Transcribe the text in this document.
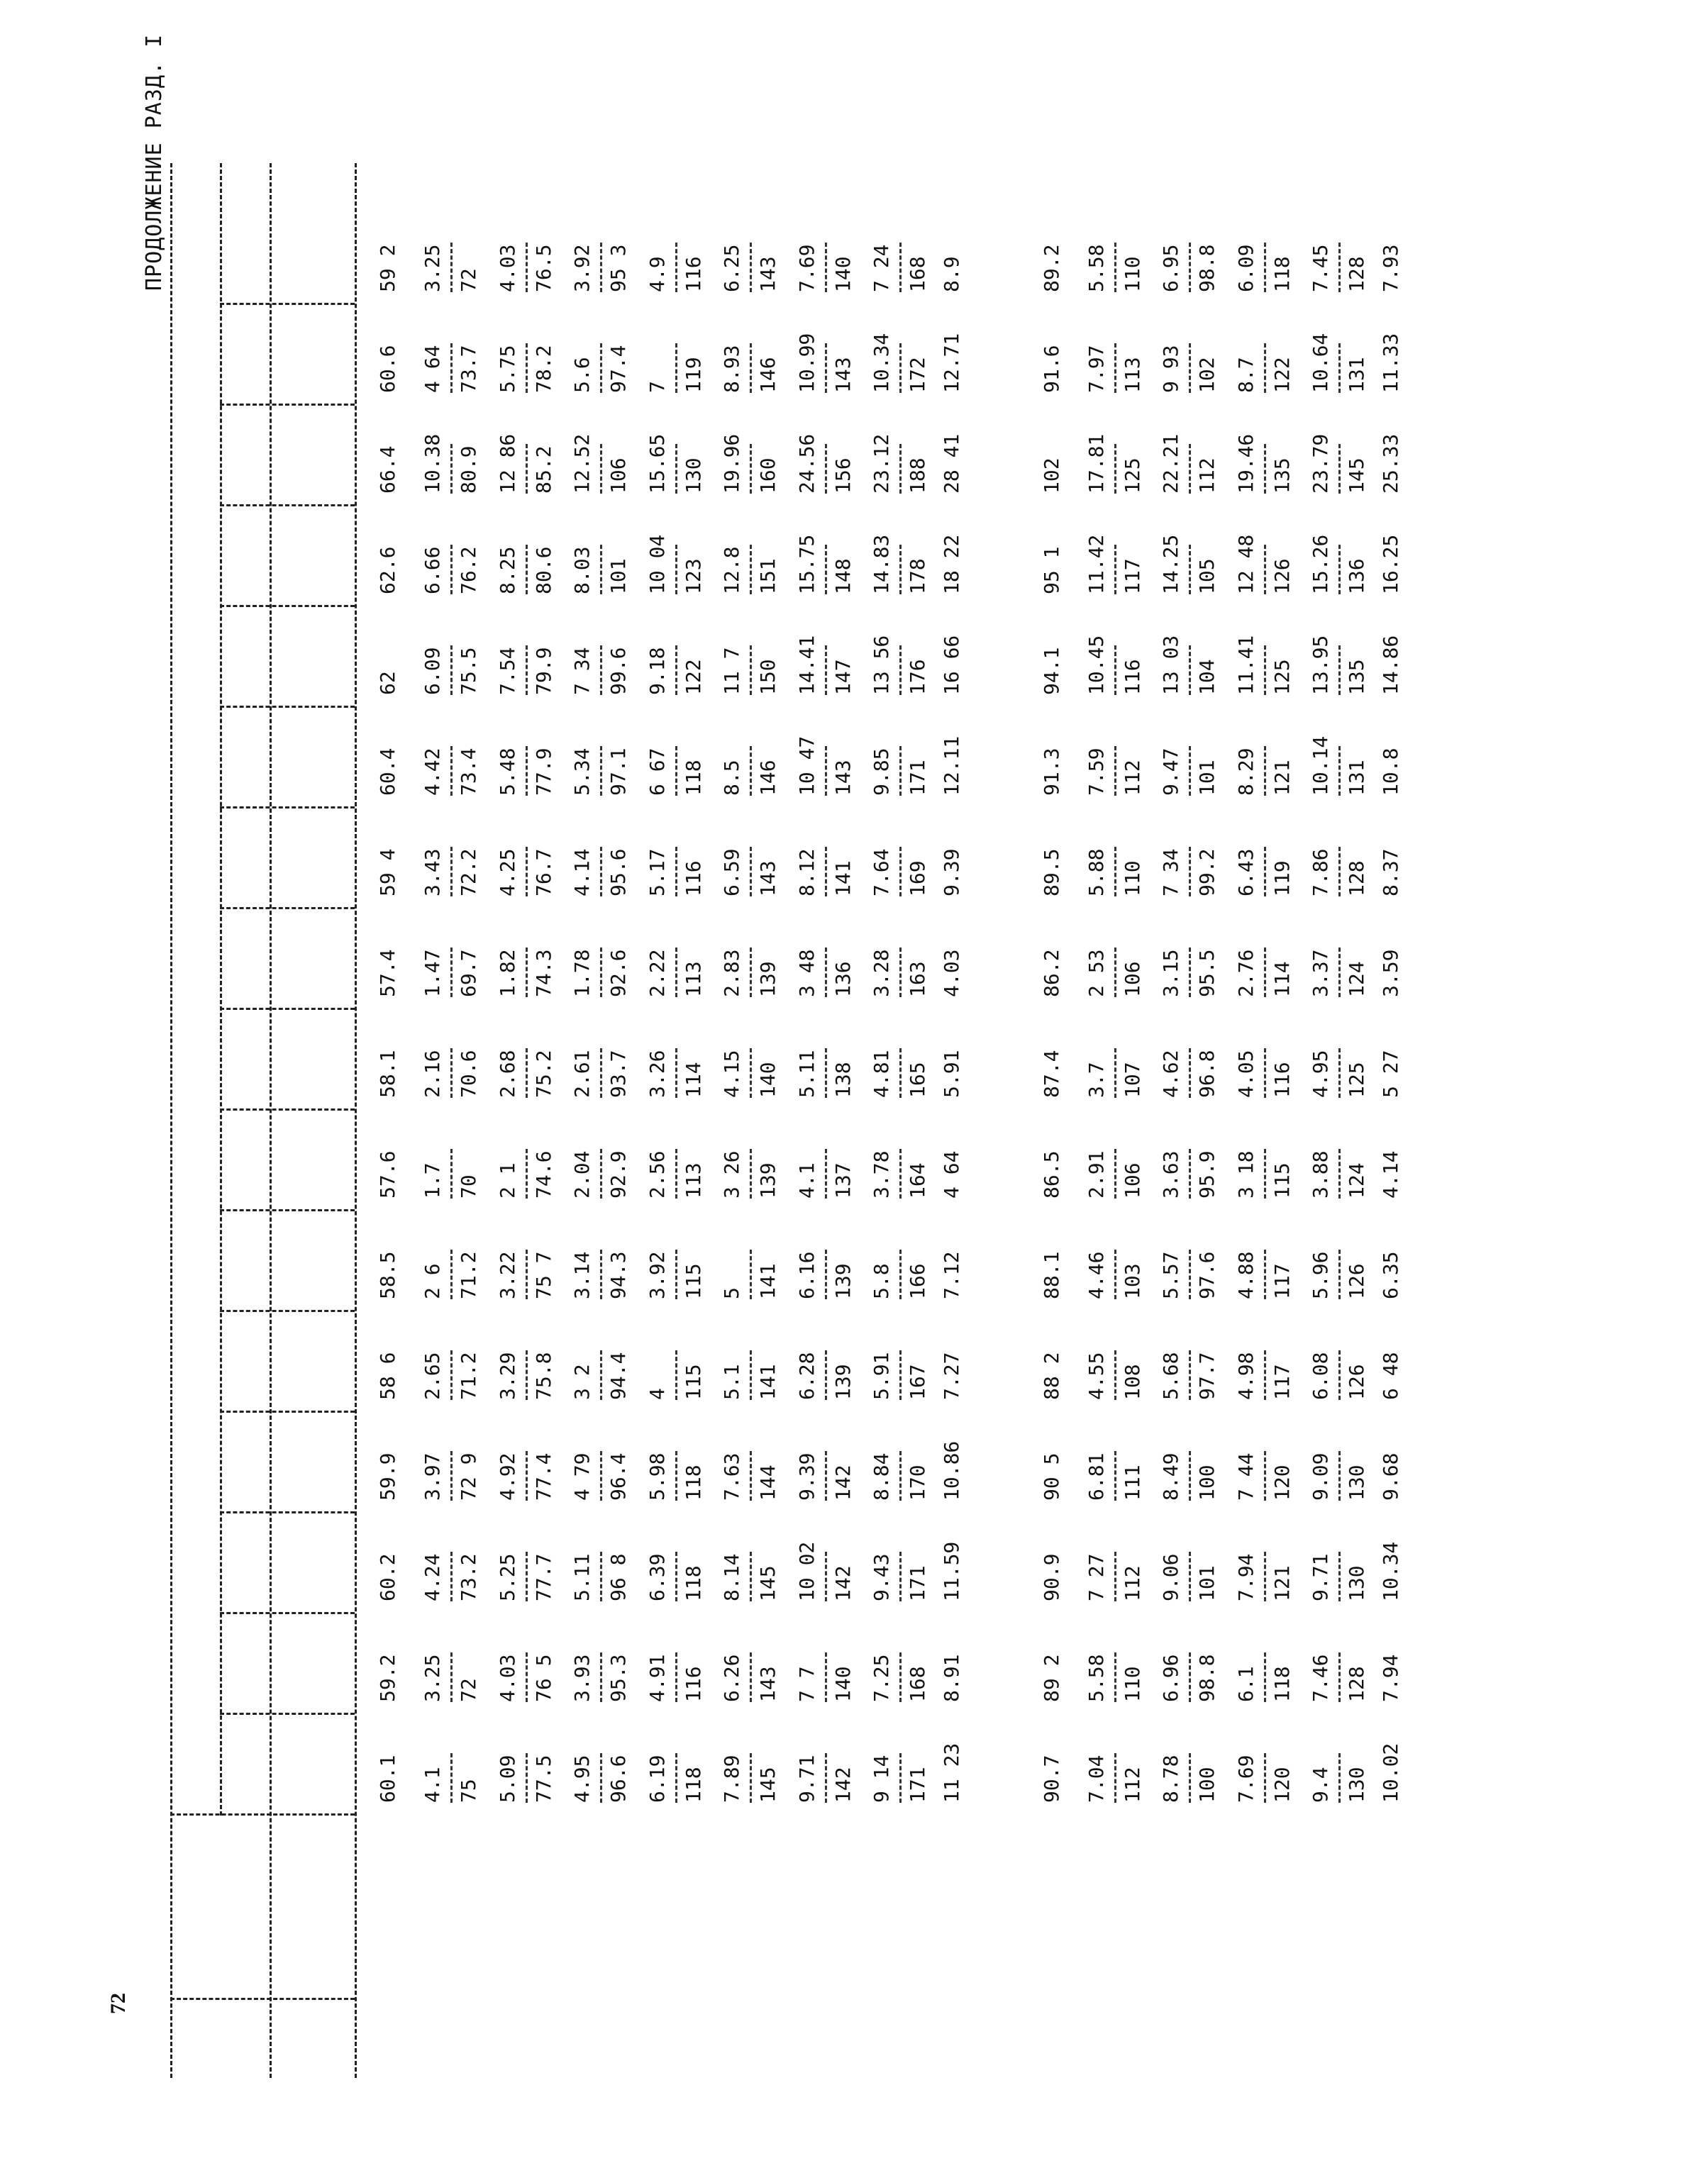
72
ПРОДОЛЖЕНИЕ РАЗД. I
60.1
59.2
60.2
59.9
58 6
58.5
57.6
58.1
57.4
59 4
60.4
62
62.6
66.4
60.6
59 2
4.1 75
3.25 72
4.24 73.2
3.97 72 9
2.65 71.2
2 6 71.2
1.7 70
2.16 70.6
1.47 69.7
3.43 72.2
4.42 73.4
6.09 75.5
6.66 76.2
10.38 80.9
4 64 73.7
3.25 72
5.09 77.5
4.03 76 5
5.25 77.7
4.92 77.4
3.29 75.8
3.22 75 7
2 1 74.6
2.68 75.2
1.82 74.3
4.25 76.7
5.48 77.9
7.54 79.9
8.25 80.6
12 86 85.2
5.75 78.2
4.03 76.5
4.95 96.6
3.93 95.3
5.11 96 8
4 79 96.4
3 2 94.4
3.14 94.3
2.04 92.9
2.61 93.7
1.78 92.6
4.14 95.6
5.34 97.1
7 34 99.6
8.03 101
12.52 106
5.6 97.4
3.92 95 3
6.19 118
4.91 116
6.39 118
5.98 118
4 115
3.92 115
2.56 113
3.26 114
2.22 113
5.17 116
6 67 118
9.18 122
10 04 123
15.65 130
7 119
4.9 116
7.89 145
6.26 143
8.14 145
7.63 144
5.1 141
5 141
3 26 139
4.15 140
2.83 139
6.59 143
8.5 146
11 7 150
12.8 151
19.96 160
8.93 146
6.25 143
9.71 142
7 7 140
10 02 142
9.39 142
6.28 139
6.16 139
4.1 137
5.11 138
3 48 136
8.12 141
10 47 143
14.41 147
15.75 148
24.56 156
10.99 143
7.69 140
9 14 171
7.25 168
9.43 171
8.84 170
5.91 167
5.8 166
3.78 164
4.81 165
3.28 163
7.64 169
9.85 171
13 56 176
14.83 178
23.12 188
10.34 172
7 24 168
11 23
8.91
11.59
10.86
7.27
7.12
4 64
5.91
4.03
9.39
12.11
16 66
18 22
28 41
12.71
8.9
90.7
89 2
90.9
90 5
88 2
88.1
86.5
87.4
86.2
89.5
91.3
94.1
95 1
102
91.6
89.2
7.04 112
5.58 110
7 27 112
6.81 111
4.55 108
4.46 103
2.91 106
3.7 107
2 53 106
5.88 110
7.59 112
10.45 116
11.42 117
17.81 125
7.97 113
5.58 110
8.78 100
6.96 98.8
9.06 101
8.49 100
5.68 97.7
5.57 97.6
3.63 95.9
4.62 96.8
3.15 95.5
7 34 99.2
9.47 101
13 03 104
14.25 105
22.21 112
9 93 102
6.95 98.8
7.69 120
6.1 118
7.94 121
7 44 120
4.98 117
4.88 117
3 18 115
4.05 116
2.76 114
6.43 119
8.29 121
11.41 125
12 48 126
19.46 135
8.7 122
6.09 118
9.4 130
7.46 128
9.71 130
9.09 130
6.08 126
5.96 126
3.88 124
4.95 125
3.37 124
7.86 128
10.14 131
13.95 135
15.26 136
23.79 145
10.64 131
7.45 128
10.02
7.94
10.34
9.68
6 48
6.35
4.14
5 27
3.59
8.37
10.8
14.86
16.25
25.33
11.33
7.93
